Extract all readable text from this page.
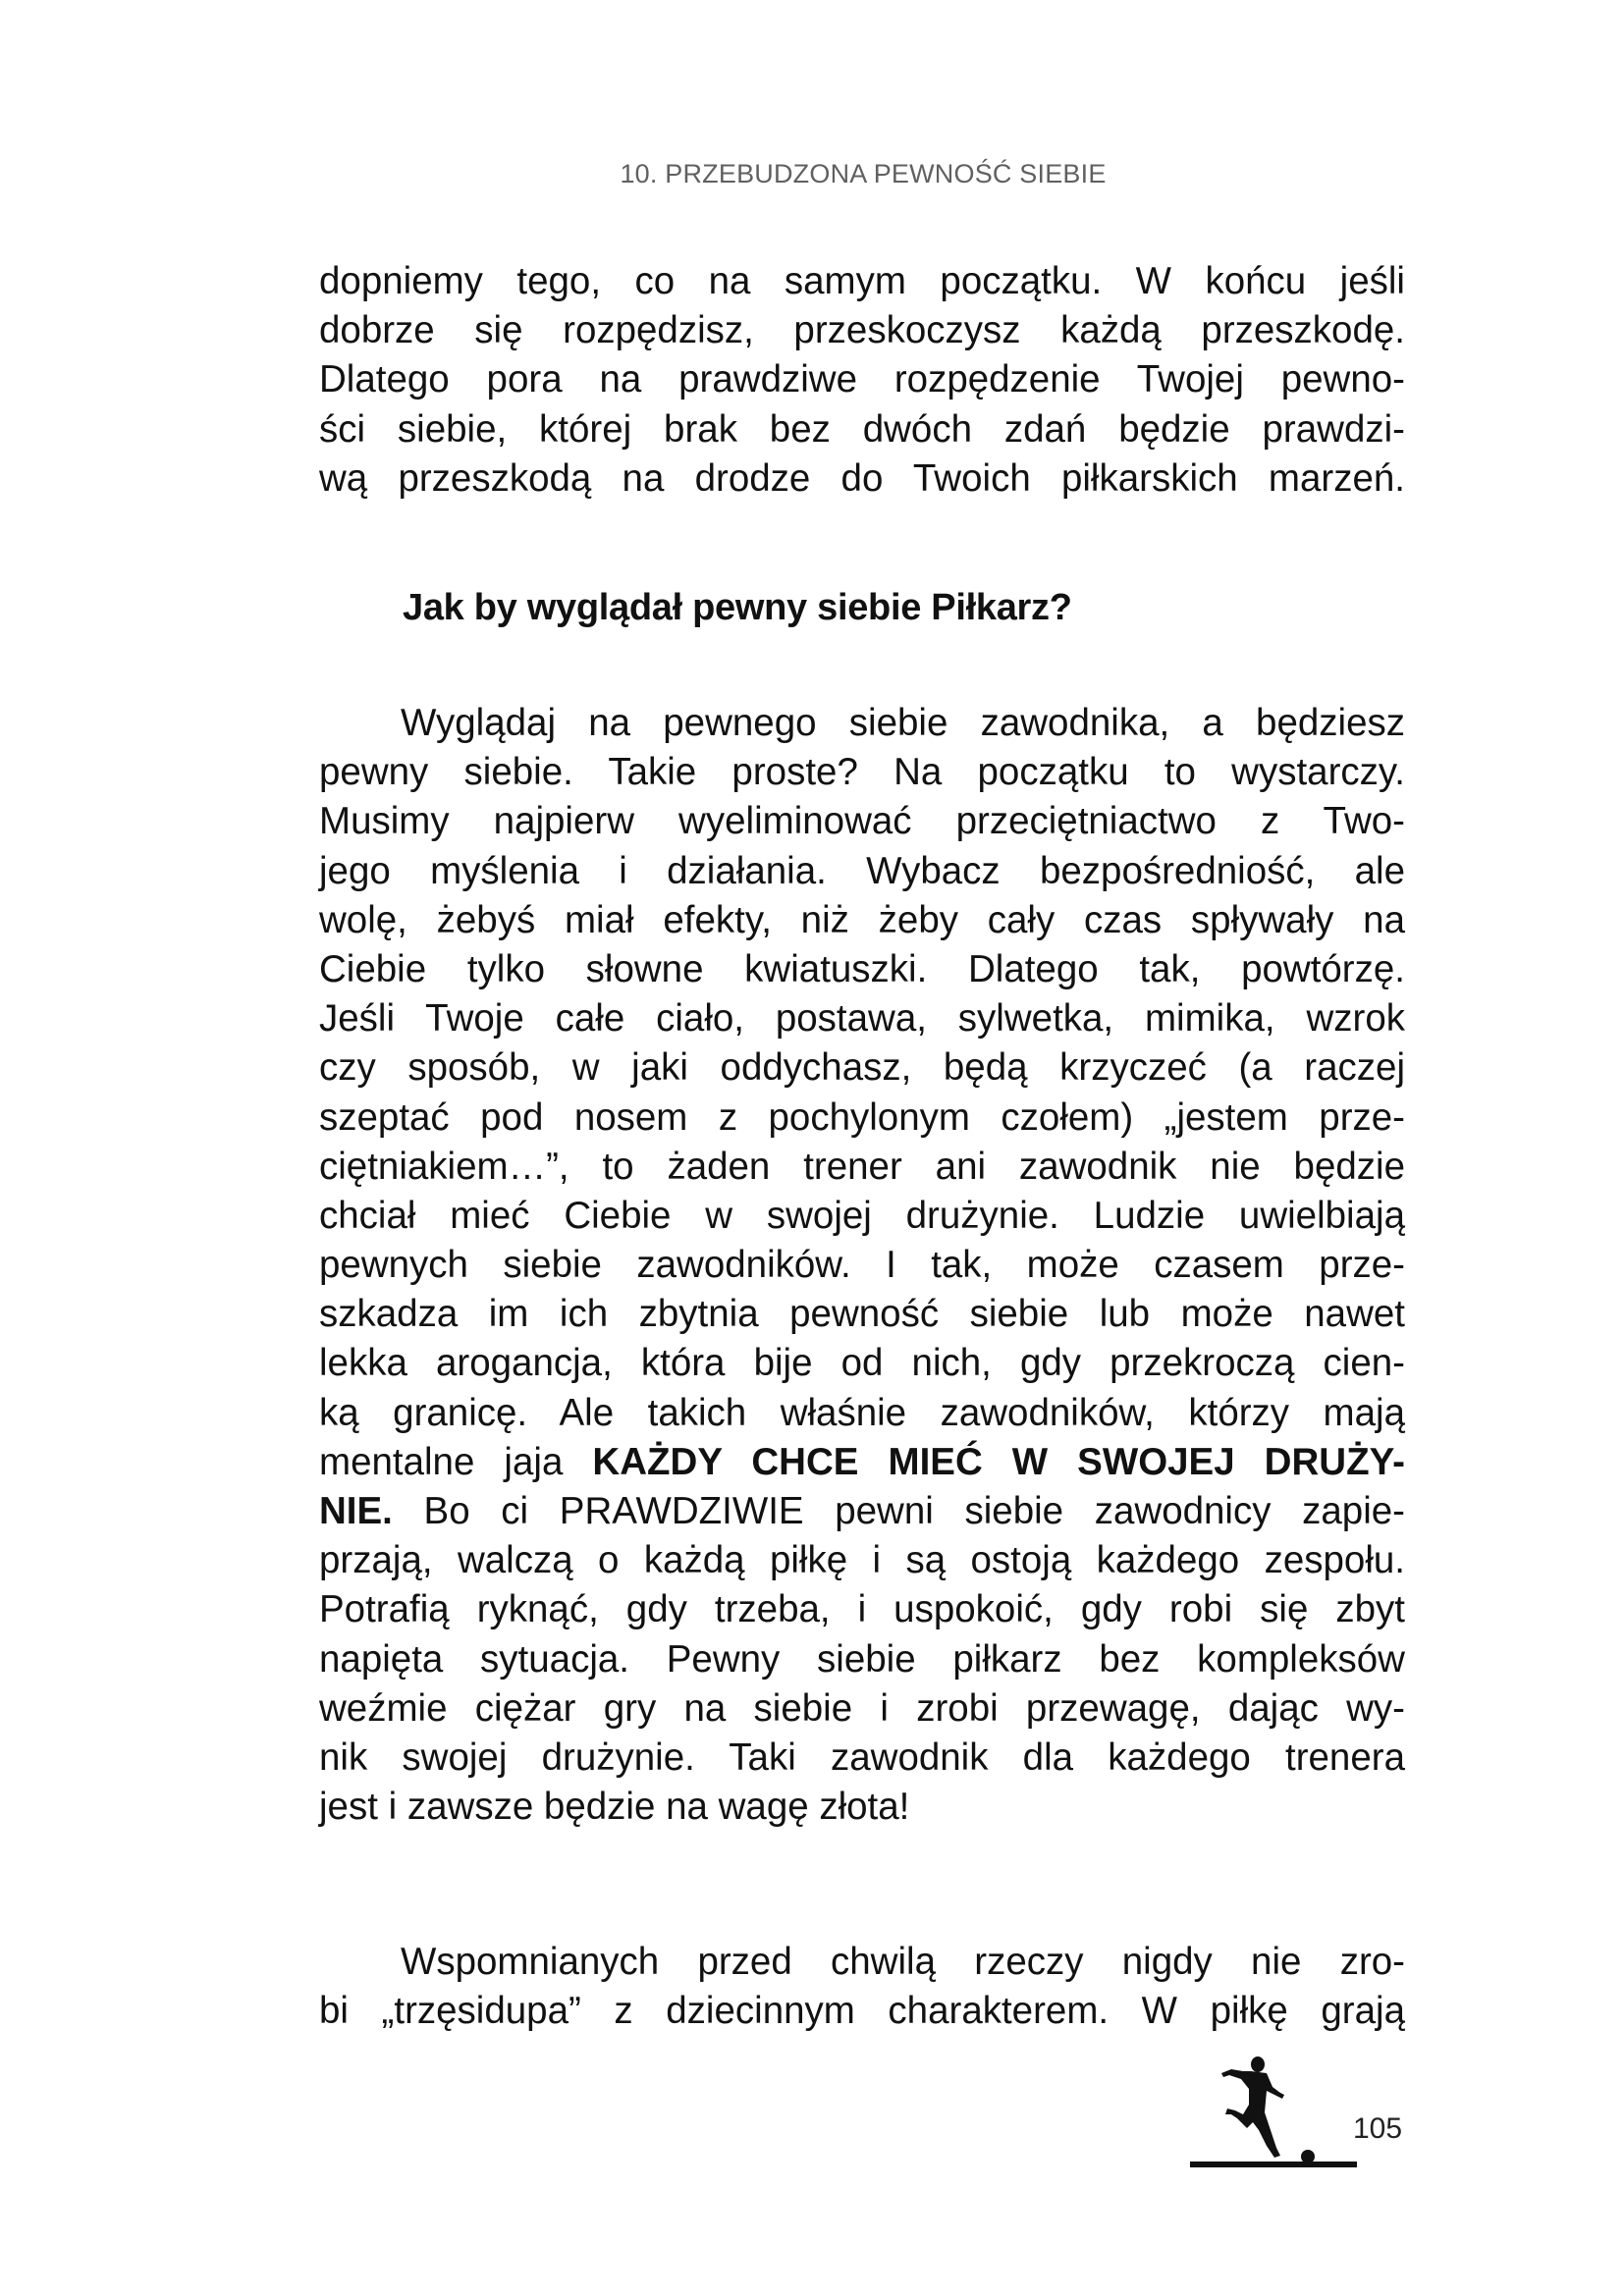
10. PRZEBUDZONA PEWNOŚĆ SIEBIE
dopniemy tego, co na samym początku. W końcu jeśli
dobrze się rozpędzisz, przeskoczysz każdą przeszkodę.
Dlatego pora na prawdziwe rozpędzenie Twojej pewno-
ści siebie, której brak bez dwóch zdań będzie prawdzi-
wą przeszkodą na drodze do Twoich piłkarskich marzeń.
Jak by wyglądał pewny siebie Piłkarz?
Wyglądaj na pewnego siebie zawodnika, a będziesz
pewny siebie. Takie proste? Na początku to wystarczy.
Musimy najpierw wyeliminować przeciętniactwo z Two-
jego myślenia i działania. Wybacz bezpośredniość, ale
wolę, żebyś miał efekty, niż żeby cały czas spływały na
Ciebie tylko słowne kwiatuszki. Dlatego tak, powtórzę.
Jeśli Twoje całe ciało, postawa, sylwetka, mimika, wzrok
czy sposób, w jaki oddychasz, będą krzyczeć (a raczej
szeptać pod nosem z pochylonym czołem) „jestem prze-
ciętniakiem…”, to żaden trener ani zawodnik nie będzie
chciał mieć Ciebie w swojej drużynie. Ludzie uwielbiają
pewnych siebie zawodników. I tak, może czasem prze-
szkadza im ich zbytnia pewność siebie lub może nawet
lekka arogancja, która bije od nich, gdy przekroczą cien-
ką granicę. Ale takich właśnie zawodników, którzy mają
mentalne jaja KAŻDY CHCE MIEĆ W SWOJEJ DRUŻY-
NIE. Bo ci PRAWDZIWIE pewni siebie zawodnicy zapie-
przają, walczą o każdą piłkę i są ostoją każdego zespołu.
Potrafią ryknąć, gdy trzeba, i uspokoić, gdy robi się zbyt
napięta sytuacja. Pewny siebie piłkarz bez kompleksów
weźmie ciężar gry na siebie i zrobi przewagę, dając wy-
nik swojej drużynie. Taki zawodnik dla każdego trenera
jest i zawsze będzie na wagę złota!
Wspomnianych przed chwilą rzeczy nigdy nie zro-
bi „trzęsidupa” z dziecinnym charakterem. W piłkę grają
105
